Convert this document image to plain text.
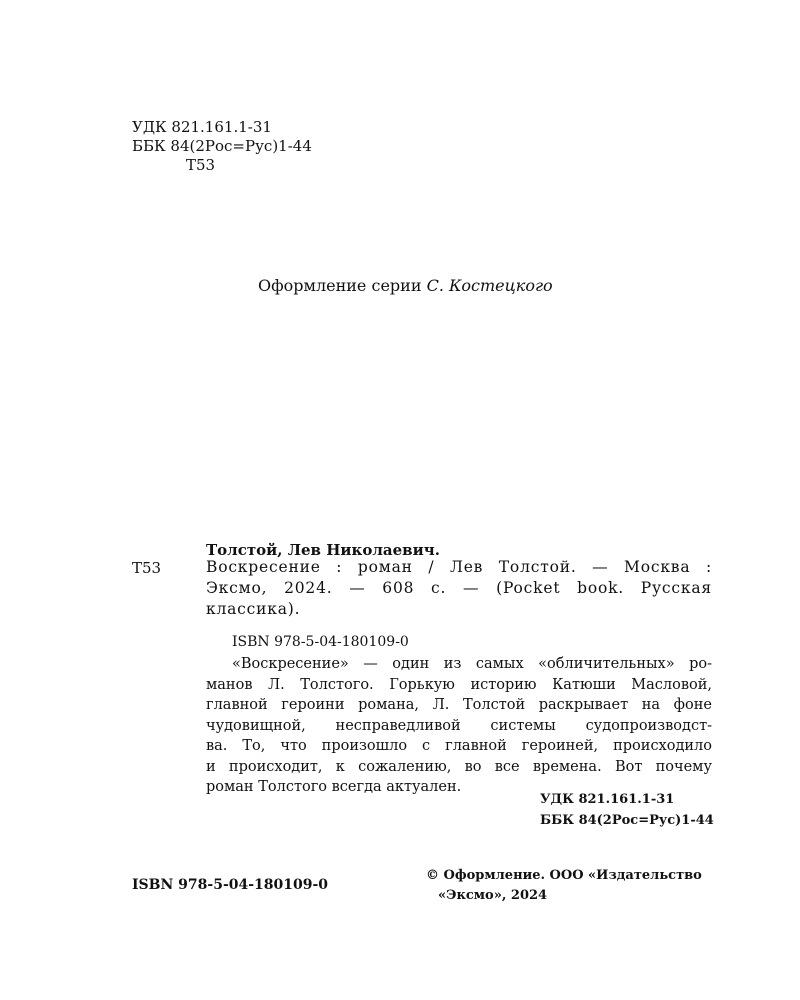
УДК 821.161.1-31
ББК 84(2Рос=Рус)1-44
Т53
Оформление серии С. Костецкого
Толстой, Лев Николаевич.
Т53	Воскресение : роман / Лев Толстой. — Москва :
Эксмо, 2024. — 608 с. — (Pocket book. Русская
классика).
ISBN 978-5-04-180109-0
«Воскресение» — один из самых «обличительных» ро-
манов Л. Толстого. Горькую историю Катюши Масловой,
главной героини романа, Л. Толстой раскрывает на фоне
чудовищной, несправедливой системы судопроизводст-
ва. То, что произошло с главной героиней, происходило
и происходит, к сожалению, во все времена. Вот почему
роман Толстого всегда актуален.
УДК 821.161.1-31
ББК 84(2Рос=Рус)1-44
ISBN 978-5-04-180109-0
© Оформление. ООО «Издательство
«Эксмо», 2024
